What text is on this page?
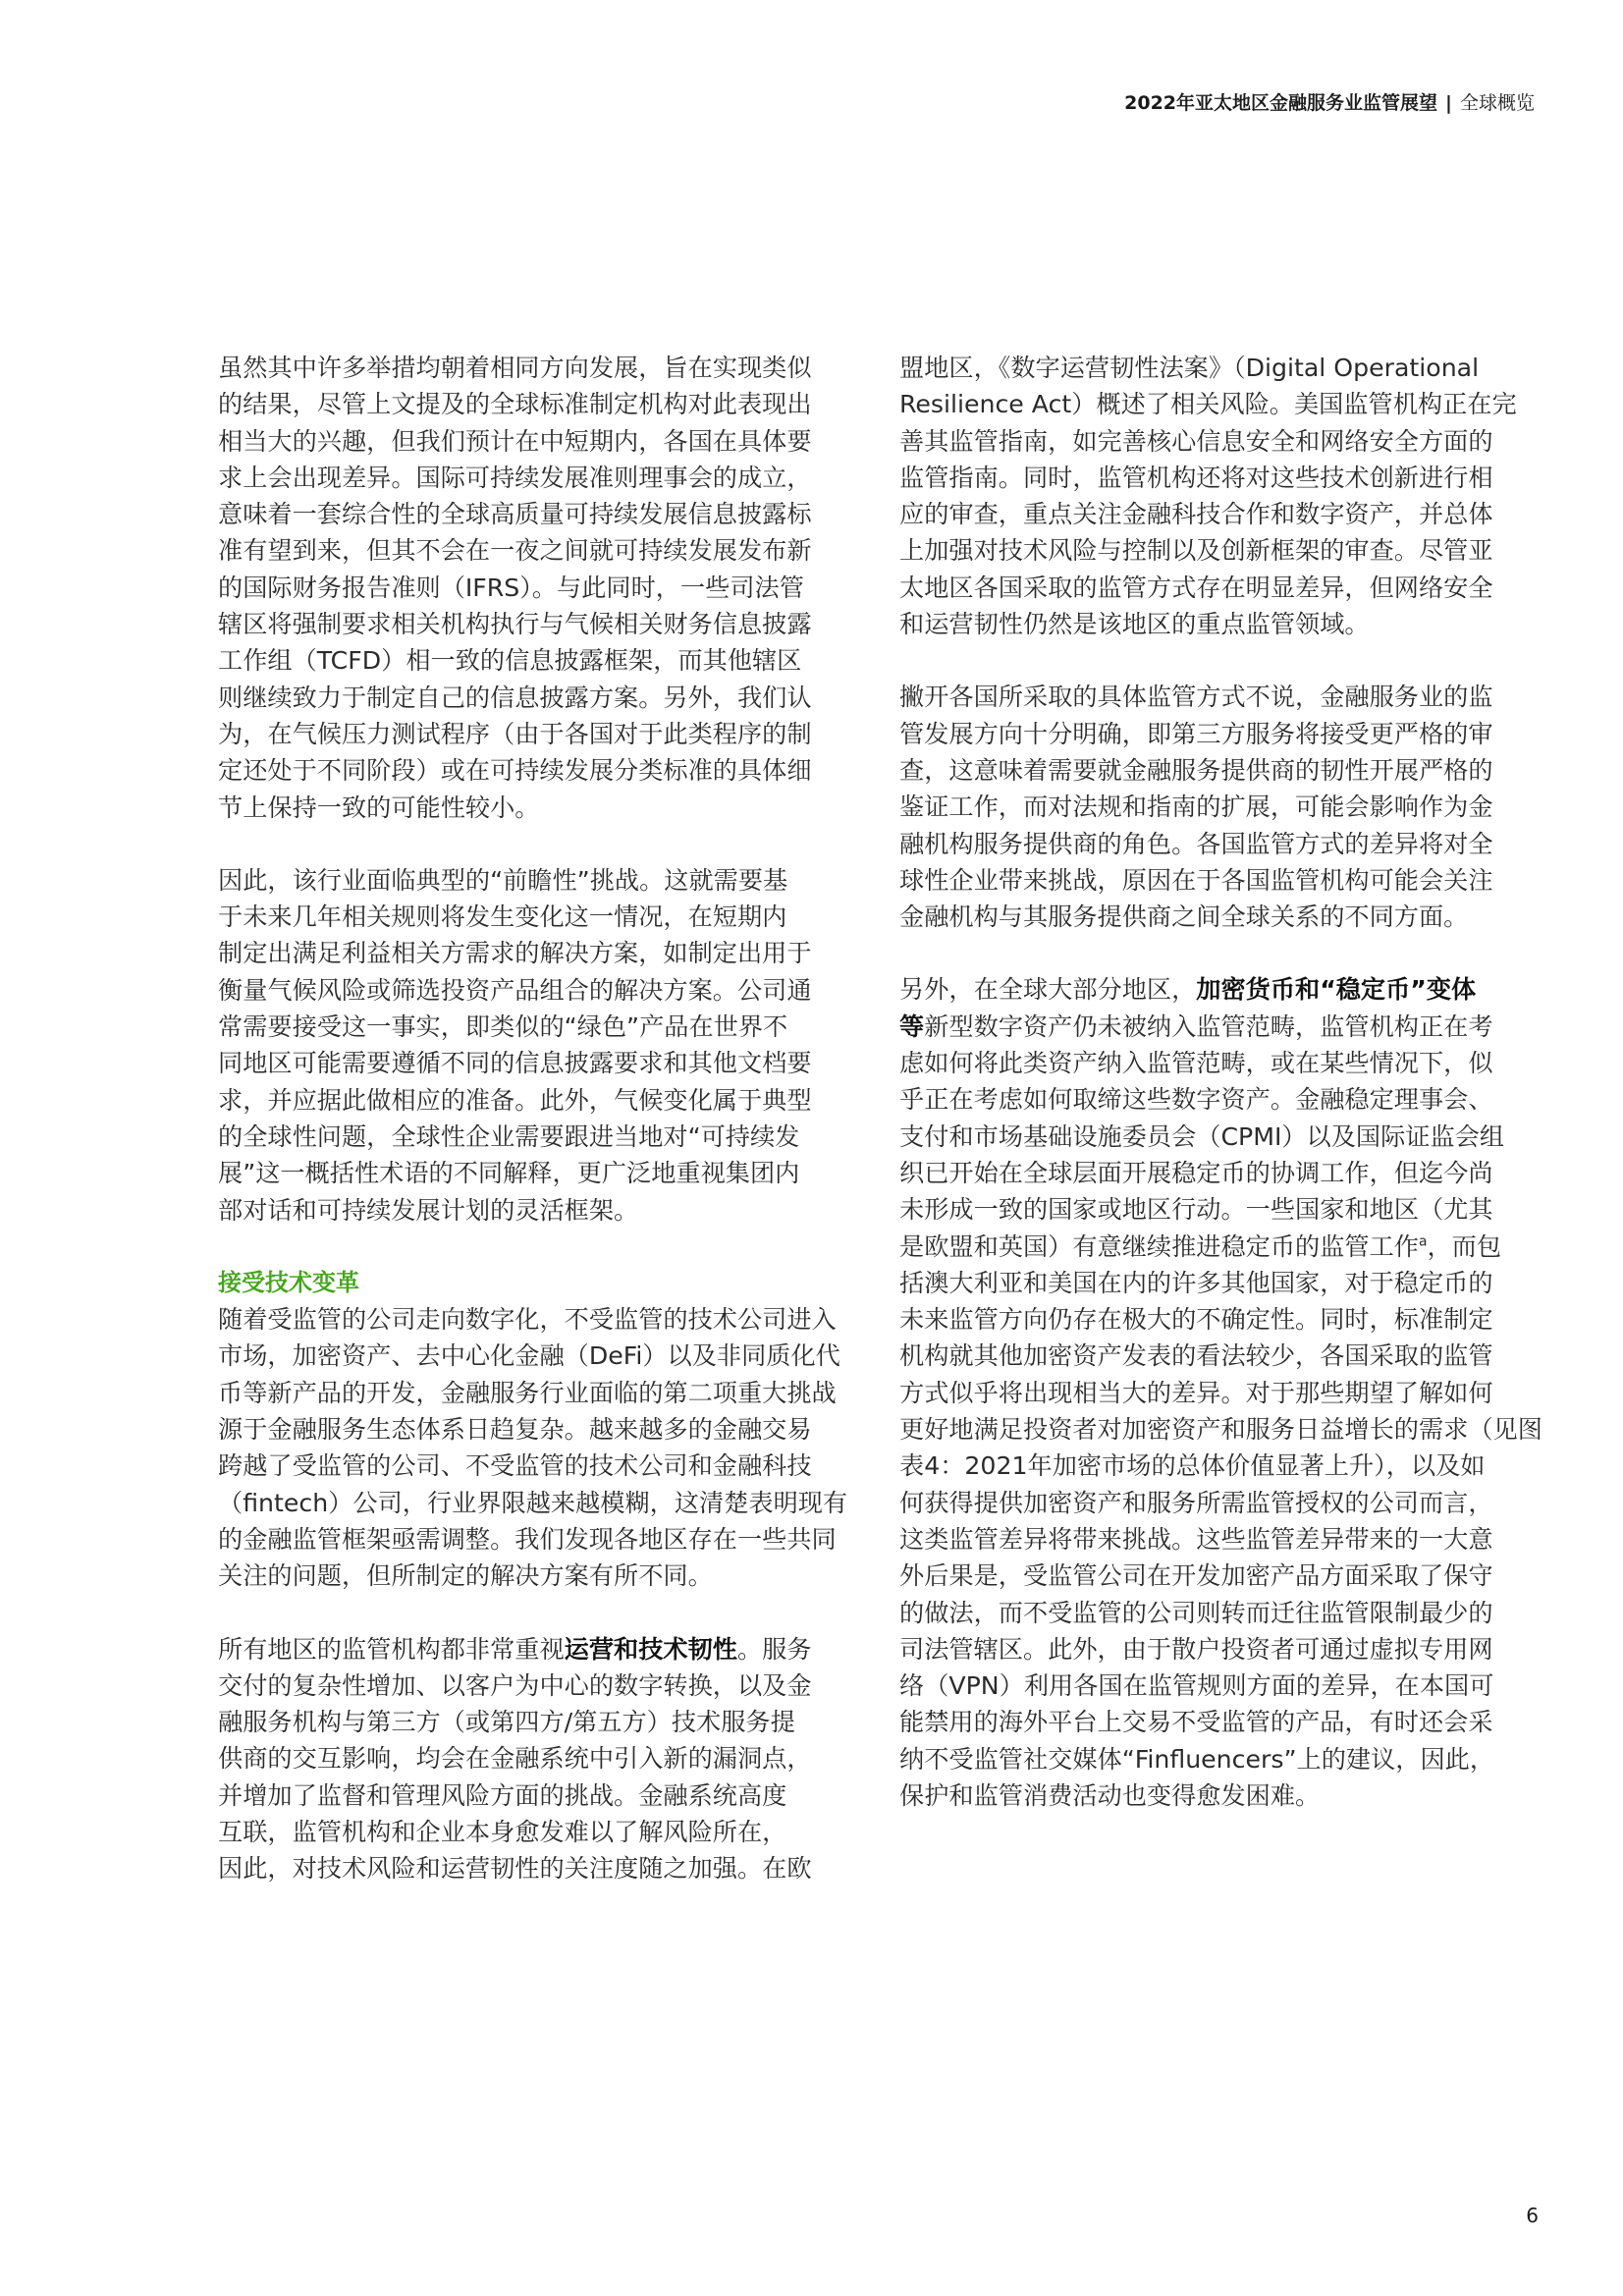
2022年亚太地区金融服务业监管展望 | 全球概览
虽然其中许多举措均朝着相同方向发展，旨在实现类似
的结果，尽管上文提及的全球标准制定机构对此表现出
相当大的兴趣，但我们预计在中短期内，各国在具体要
求上会出现差异。国际可持续发展准则理事会的成立，
意味着一套综合性的全球高质量可持续发展信息披露标
准有望到来，但其不会在一夜之间就可持续发展发布新
的国际财务报告准则（IFRS）。与此同时，一些司法管
辖区将强制要求相关机构执行与气候相关财务信息披露
工作组（TCFD）相一致的信息披露框架，而其他辖区
则继续致力于制定自己的信息披露方案。另外，我们认
为，在气候压力测试程序（由于各国对于此类程序的制
定还处于不同阶段）或在可持续发展分类标准的具体细
节上保持一致的可能性较小。
因此，该行业面临典型的“前瞻性”挑战。这就需要基
于未来几年相关规则将发生变化这一情况，在短期内
制定出满足利益相关方需求的解决方案，如制定出用于
衡量气候风险或筛选投资产品组合的解决方案。公司通
常需要接受这一事实，即类似的“绿色”产品在世界不
同地区可能需要遵循不同的信息披露要求和其他文档要
求，并应据此做相应的准备。此外，气候变化属于典型
的全球性问题，全球性企业需要跟进当地对“可持续发
展”这一概括性术语的不同解释，更广泛地重视集团内
部对话和可持续发展计划的灵活框架。
接受技术变革
随着受监管的公司走向数字化，不受监管的技术公司进入
市场，加密资产、去中心化金融（DeFi）以及非同质化代
币等新产品的开发，金融服务行业面临的第二项重大挑战
源于金融服务生态体系日趋复杂。越来越多的金融交易
跨越了受监管的公司、不受监管的技术公司和金融科技
（fintech）公司，行业界限越来越模糊，这清楚表明现有
的金融监管框架亟需调整。我们发现各地区存在一些共同
关注的问题，但所制定的解决方案有所不同。
所有地区的监管机构都非常重视运营和技术韧性。服务
交付的复杂性增加、以客户为中心的数字转换，以及金
融服务机构与第三方（或第四方/第五方）技术服务提
供商的交互影响，均会在金融系统中引入新的漏洞点，
并增加了监督和管理风险方面的挑战。金融系统高度
互联，监管机构和企业本身愈发难以了解风险所在，
因此，对技术风险和运营韧性的关注度随之加强。在欧
盟地区，《数字运营韧性法案》（Digital Operational
Resilience Act）概述了相关风险。美国监管机构正在完
善其监管指南，如完善核心信息安全和网络安全方面的
监管指南。同时，监管机构还将对这些技术创新进行相
应的审查，重点关注金融科技合作和数字资产，并总体
上加强对技术风险与控制以及创新框架的审查。尽管亚
太地区各国采取的监管方式存在明显差异，但网络安全
和运营韧性仍然是该地区的重点监管领域。
撇开各国所采取的具体监管方式不说，金融服务业的监
管发展方向十分明确，即第三方服务将接受更严格的审
查，这意味着需要就金融服务提供商的韧性开展严格的
鉴证工作，而对法规和指南的扩展，可能会影响作为金
融机构服务提供商的角色。各国监管方式的差异将对全
球性企业带来挑战，原因在于各国监管机构可能会关注
金融机构与其服务提供商之间全球关系的不同方面。
另外，在全球大部分地区，加密货币和“稳定币”变体
等新型数字资产仍未被纳入监管范畴，监管机构正在考
虑如何将此类资产纳入监管范畴，或在某些情况下，似
乎正在考虑如何取缔这些数字资产。金融稳定理事会、
支付和市场基础设施委员会（CPMI）以及国际证监会组
织已开始在全球层面开展稳定币的协调工作，但迄今尚
未形成一致的国家或地区行动。一些国家和地区（尤其
是欧盟和英国）有意继续推进稳定币的监管工作$^a$，而包
括澳大利亚和美国在内的许多其他国家，对于稳定币的
未来监管方向仍存在极大的不确定性。同时，标准制定
机构就其他加密资产发表的看法较少，各国采取的监管
方式似乎将出现相当大的差异。对于那些期望了解如何
更好地满足投资者对加密资产和服务日益增长的需求（见图
表4：2021年加密市场的总体价值显著上升），以及如
何获得提供加密资产和服务所需监管授权的公司而言，
这类监管差异将带来挑战。这些监管差异带来的一大意
外后果是，受监管公司在开发加密产品方面采取了保守
的做法，而不受监管的公司则转而迁往监管限制最少的
司法管辖区。此外，由于散户投资者可通过虚拟专用网
络（VPN）利用各国在监管规则方面的差异，在本国可
能禁用的海外平台上交易不受监管的产品，有时还会采
纳不受监管社交媒体“Finfluencers”上的建议，因此，
保护和监管消费活动也变得愈发困难。
6
